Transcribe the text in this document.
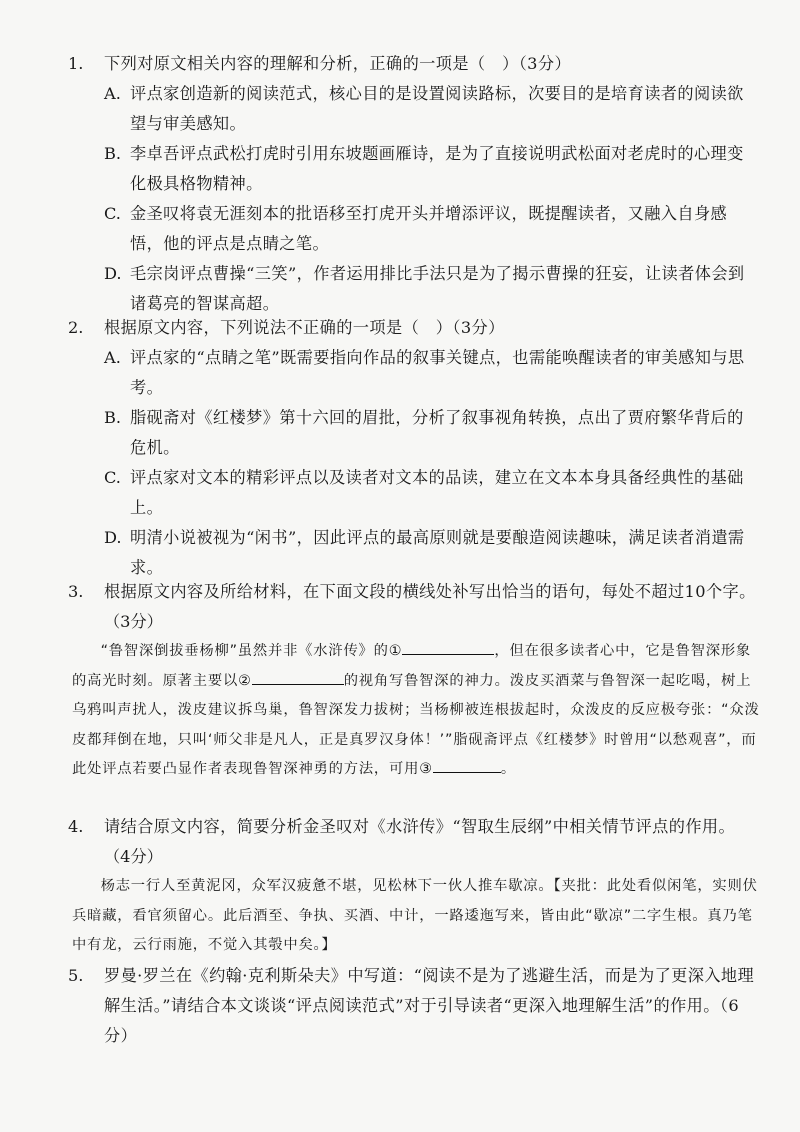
1.	下列对原文相关内容的理解和分析，正确的一项是（　）（3分）
A. 评点家创造新的阅读范式，核心目的是设置阅读路标，次要目的是培育读者的阅读欲望与审美感知。
B. 李卓吾评点武松打虎时引用东坡题画雁诗，是为了直接说明武松面对老虎时的心理变化极具格物精神。
C. 金圣叹将袁无涯刻本的批语移至打虎开头并增添评议，既提醒读者，又融入自身感悟，他的评点是点睛之笔。
D. 毛宗岗评点曹操“三笑”，作者运用排比手法只是为了揭示曹操的狂妄，让读者体会到诸葛亮的智谋高超。
2.	根据原文内容，下列说法不正确的一项是（　）（3分）
A. 评点家的“点睛之笔”既需要指向作品的叙事关键点，也需能唤醒读者的审美感知与思考。
B. 脂砚斋对《红楼梦》第十六回的眉批，分析了叙事视角转换，点出了贾府繁华背后的危机。
C. 评点家对文本的精彩评点以及读者对文本的品读，建立在文本本身具备经典性的基础上。
D. 明清小说被视为“闲书”，因此评点的最高原则就是要酿造阅读趣味，满足读者消遣需求。
3.	根据原文内容及所给材料，在下面文段的横线处补写出恰当的语句，每处不超过10个字。
（3分）
“鲁智深倒拔垂杨柳”虽然并非《水浒传》的①	，但在很多读者心中，它是鲁智深形象的高光时刻。原著主要以②	的视角写鲁智深的神力。泼皮买酒菜与鲁智深一起吃喝，树上乌鸦叫声扰人，泼皮建议拆鸟巢，鲁智深发力拔树；当杨柳被连根拔起时，众泼皮的反应极夸张：“众泼皮都拜倒在地，只叫‘师父非是凡人，正是真罗汉身体！’”脂砚斋评点《红楼梦》时曾用“以愁观喜”，而此处评点若要凸显作者表现鲁智深神勇的方法，可用③	。
4.	请结合原文内容，简要分析金圣叹对《水浒传》“智取生辰纲”中相关情节评点的作用。
（4分）
杨志一行人至黄泥冈，众军汉疲惫不堪，见松林下一伙人推车歇凉。【夹批：此处看似闲笔，实则伏兵暗藏，看官须留心。此后酒至、争执、买酒、中计，一路逶迤写来，皆由此“歇凉”二字生根。真乃笔中有龙，云行雨施，不觉入其彀中矣。】
5.	罗曼·罗兰在《约翰·克利斯朵夫》中写道：“阅读不是为了逃避生活，而是为了更深入地理解生活。”请结合本文谈谈“评点阅读范式”对于引导读者“更深入地理解生活”的作用。（6分）
